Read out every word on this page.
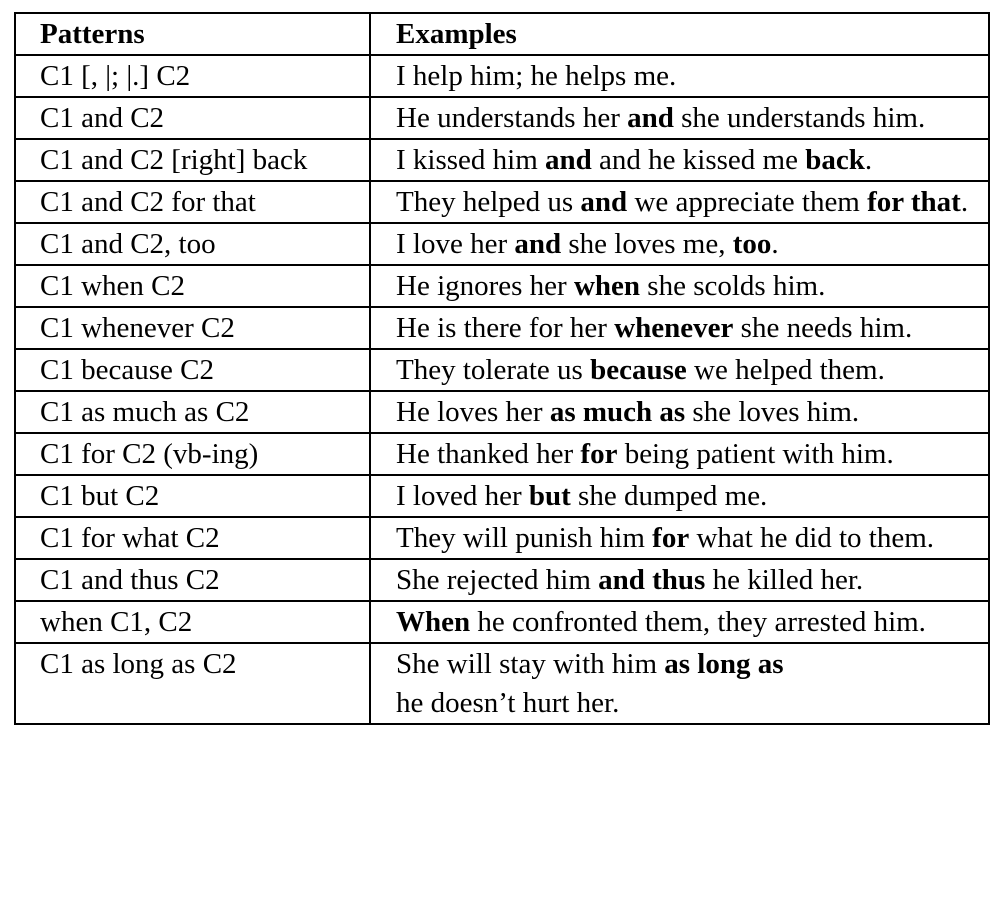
Patterns	Examples
C1 [, |; |.] C2	I help him; he helps me.
C1 and C2	He understands her and she understands him.
C1 and C2 [right] back	I kissed him and and he kissed me back.
C1 and C2 for that	They helped us and we appreciate them for that.
C1 and C2, too	I love her and she loves me, too.
C1 when C2	He ignores her when she scolds him.
C1 whenever C2	He is there for her whenever she needs him.
C1 because C2	They tolerate us because we helped them.
C1 as much as C2	He loves her as much as she loves him.
C1 for C2 (vb-ing)	He thanked her for being patient with him.
C1 but C2	I loved her but she dumped me.
C1 for what C2	They will punish him for what he did to them.
C1 and thus C2	She rejected him and thus he killed her.
when C1, C2	When he confronted them, they arrested him.
C1 as long as C2	She will stay with him as long as
he doesn’t hurt her.
